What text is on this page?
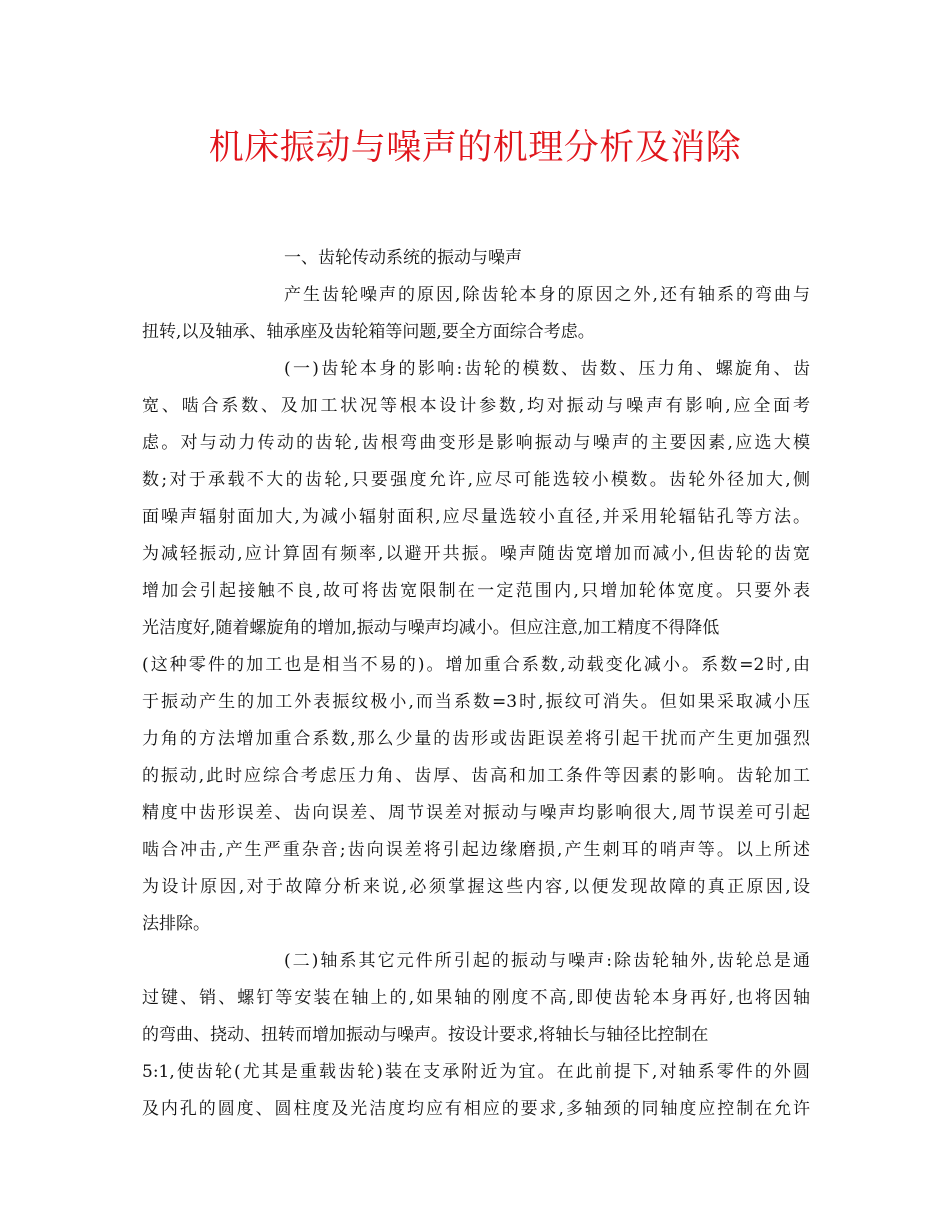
机床振动与噪声的机理分析及消除
一、齿轮传动系统的振动与噪声
产生齿轮噪声的原因,除齿轮本身的原因之外,还有轴系的弯曲与
扭转,以及轴承、轴承座及齿轮箱等问题,要全方面综合考虑。
(一)齿轮本身的影响:齿轮的模数、齿数、压力角、螺旋角、齿
宽、啮合系数、及加工状况等根本设计参数,均对振动与噪声有影响,应全面考
虑。对与动力传动的齿轮,齿根弯曲变形是影响振动与噪声的主要因素,应选大模
数;对于承载不大的齿轮,只要强度允许,应尽可能选较小模数。齿轮外径加大,侧
面噪声辐射面加大,为减小辐射面积,应尽量选较小直径,并采用轮辐钻孔等方法。
为减轻振动,应计算固有频率,以避开共振。噪声随齿宽增加而减小,但齿轮的齿宽
增加会引起接触不良,故可将齿宽限制在一定范围内,只增加轮体宽度。只要外表
光洁度好,随着螺旋角的增加,振动与噪声均减小。但应注意,加工精度不得降低
(这种零件的加工也是相当不易的)。增加重合系数,动载变化减小。系数=2时,由
于振动产生的加工外表振纹极小,而当系数=3时,振纹可消失。但如果采取减小压
力角的方法增加重合系数,那么少量的齿形或齿距误差将引起干扰而产生更加强烈
的振动,此时应综合考虑压力角、齿厚、齿高和加工条件等因素的影响。齿轮加工
精度中齿形误差、齿向误差、周节误差对振动与噪声均影响很大,周节误差可引起
啮合冲击,产生严重杂音;齿向误差将引起边缘磨损,产生刺耳的哨声等。以上所述
为设计原因,对于故障分析来说,必须掌握这些内容,以便发现故障的真正原因,设
法排除。
(二)轴系其它元件所引起的振动与噪声:除齿轮轴外,齿轮总是通
过键、销、螺钉等安装在轴上的,如果轴的刚度不高,即使齿轮本身再好,也将因轴
的弯曲、挠动、扭转而增加振动与噪声。按设计要求,将轴长与轴径比控制在
5:1,使齿轮(尤其是重载齿轮)装在支承附近为宜。在此前提下,对轴系零件的外圆
及内孔的圆度、圆柱度及光洁度均应有相应的要求,多轴颈的同轴度应控制在允许
